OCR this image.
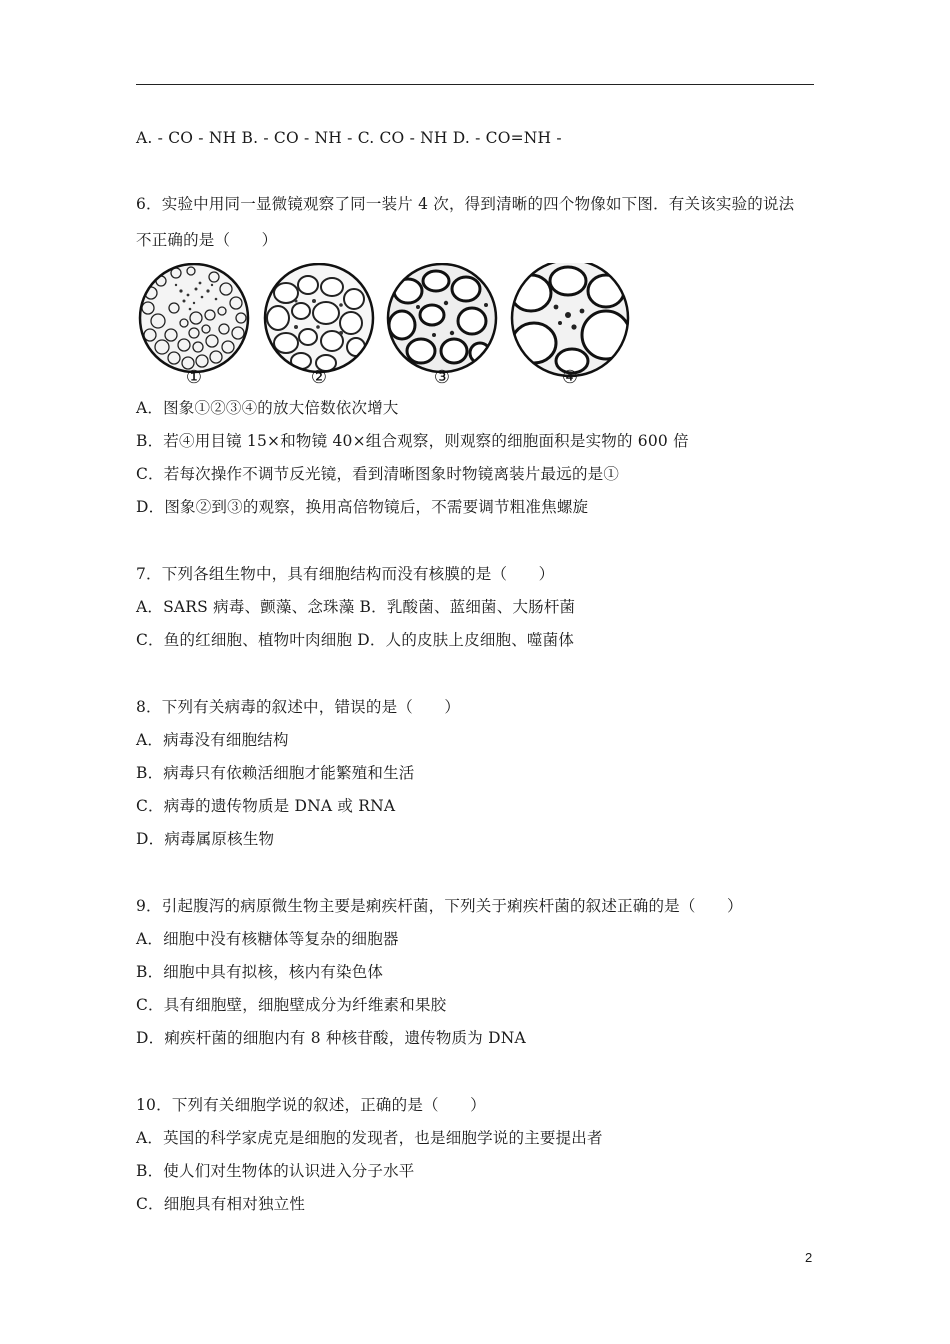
A. - CO - NH B. - CO - NH - C. CO - NH D. - CO=NH -
6．实验中用同一显微镜观察了同一装片 4 次，得到清晰的四个物像如下图．有关该实验的说法
不正确的是（　　）
①	②	③	④
A．图象①②③④的放大倍数依次增大
B．若④用目镜 15×和物镜 40×组合观察，则观察的细胞面积是实物的 600 倍
C．若每次操作不调节反光镜，看到清晰图象时物镜离装片最远的是①
D．图象②到③的观察，换用高倍物镜后，不需要调节粗准焦螺旋
7．下列各组生物中，具有细胞结构而没有核膜的是（　　）
A．SARS 病毒、颤藻、念珠藻 B．乳酸菌、蓝细菌、大肠杆菌
C．鱼的红细胞、植物叶肉细胞 D．人的皮肤上皮细胞、噬菌体
8．下列有关病毒的叙述中，错误的是（　　）
A．病毒没有细胞结构
B．病毒只有依赖活细胞才能繁殖和生活
C．病毒的遗传物质是 DNA 或 RNA
D．病毒属原核生物
9．引起腹泻的病原微生物主要是痢疾杆菌，下列关于痢疾杆菌的叙述正确的是（　　）
A．细胞中没有核糖体等复杂的细胞器
B．细胞中具有拟核，核内有染色体
C．具有细胞壁，细胞壁成分为纤维素和果胶
D．痢疾杆菌的细胞内有 8 种核苷酸，遗传物质为 DNA
10．下列有关细胞学说的叙述，正确的是（　　）
A．英国的科学家虎克是细胞的发现者，也是细胞学说的主要提出者
B．使人们对生物体的认识进入分子水平
C．细胞具有相对独立性
2
